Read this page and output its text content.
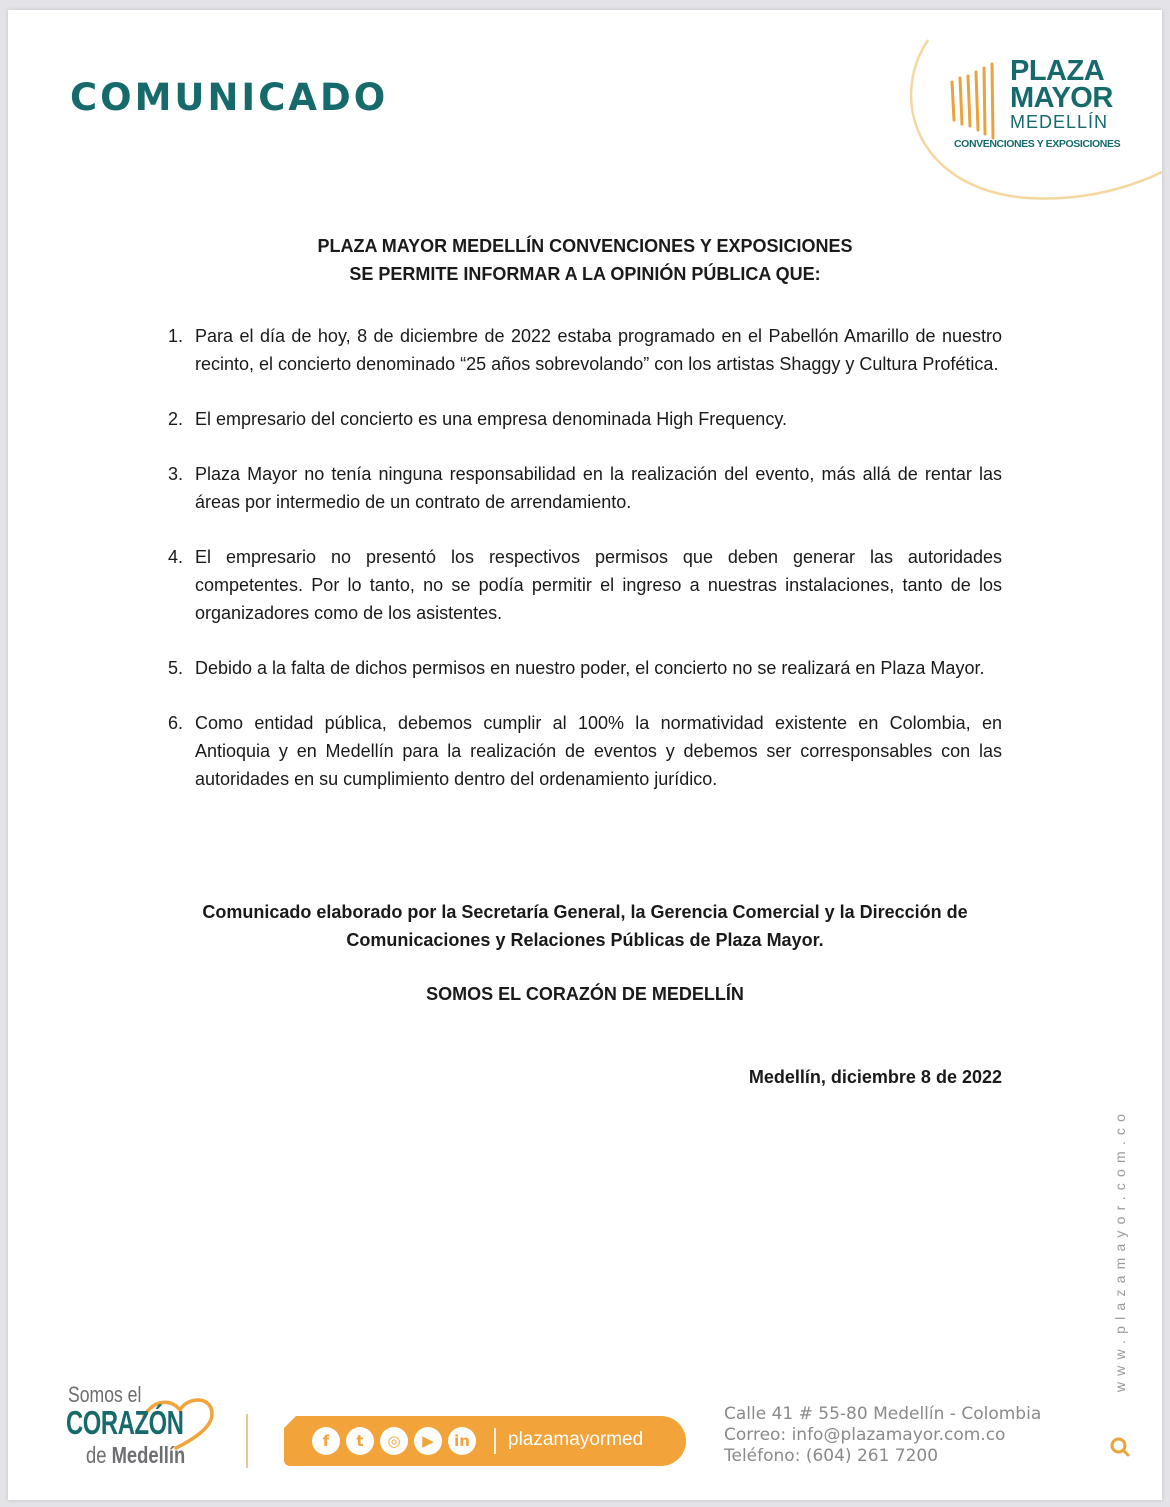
COMUNICADO
PLAZA
MAYOR
MEDELLÍN
CONVENCIONES Y EXPOSICIONES
PLAZA MAYOR MEDELLÍN CONVENCIONES Y EXPOSICIONES
SE PERMITE INFORMAR A LA OPINIÓN PÚBLICA QUE:
1. Para el día de hoy, 8 de diciembre de 2022 estaba programado en el Pabellón Amarillo de nuestro recinto, el concierto denominado “25 años sobrevolando” con los artistas Shaggy y Cultura Profética.
2. El empresario del concierto es una empresa denominada High Frequency.
3. Plaza Mayor no tenía ninguna responsabilidad en la realización del evento, más allá de rentar las áreas por intermedio de un contrato de arrendamiento.
4. El empresario no presentó los respectivos permisos que deben generar las autoridades competentes. Por lo tanto, no se podía permitir el ingreso a nuestras instalaciones, tanto de los organizadores como de los asistentes.
5. Debido a la falta de dichos permisos en nuestro poder, el concierto no se realizará en Plaza Mayor.
6. Como entidad pública, debemos cumplir al 100% la normatividad existente en Colombia, en Antioquia y en Medellín para la realización de eventos y debemos ser corresponsables con las autoridades en su cumplimiento dentro del ordenamiento jurídico.
Comunicado elaborado por la Secretaría General, la Gerencia Comercial y la Dirección de
Comunicaciones y Relaciones Públicas de Plaza Mayor.
SOMOS EL CORAZÓN DE MEDELLÍN
Medellín, diciembre 8 de 2022
www.plazamayor.com.co
Somos el
CORAZÓN
de Medellín
f	t	◎	▶	in	plazamayormed
Calle 41 # 55-80 Medellín - Colombia
Correo: info@plazamayor.com.co
Teléfono: (604) 261 7200
